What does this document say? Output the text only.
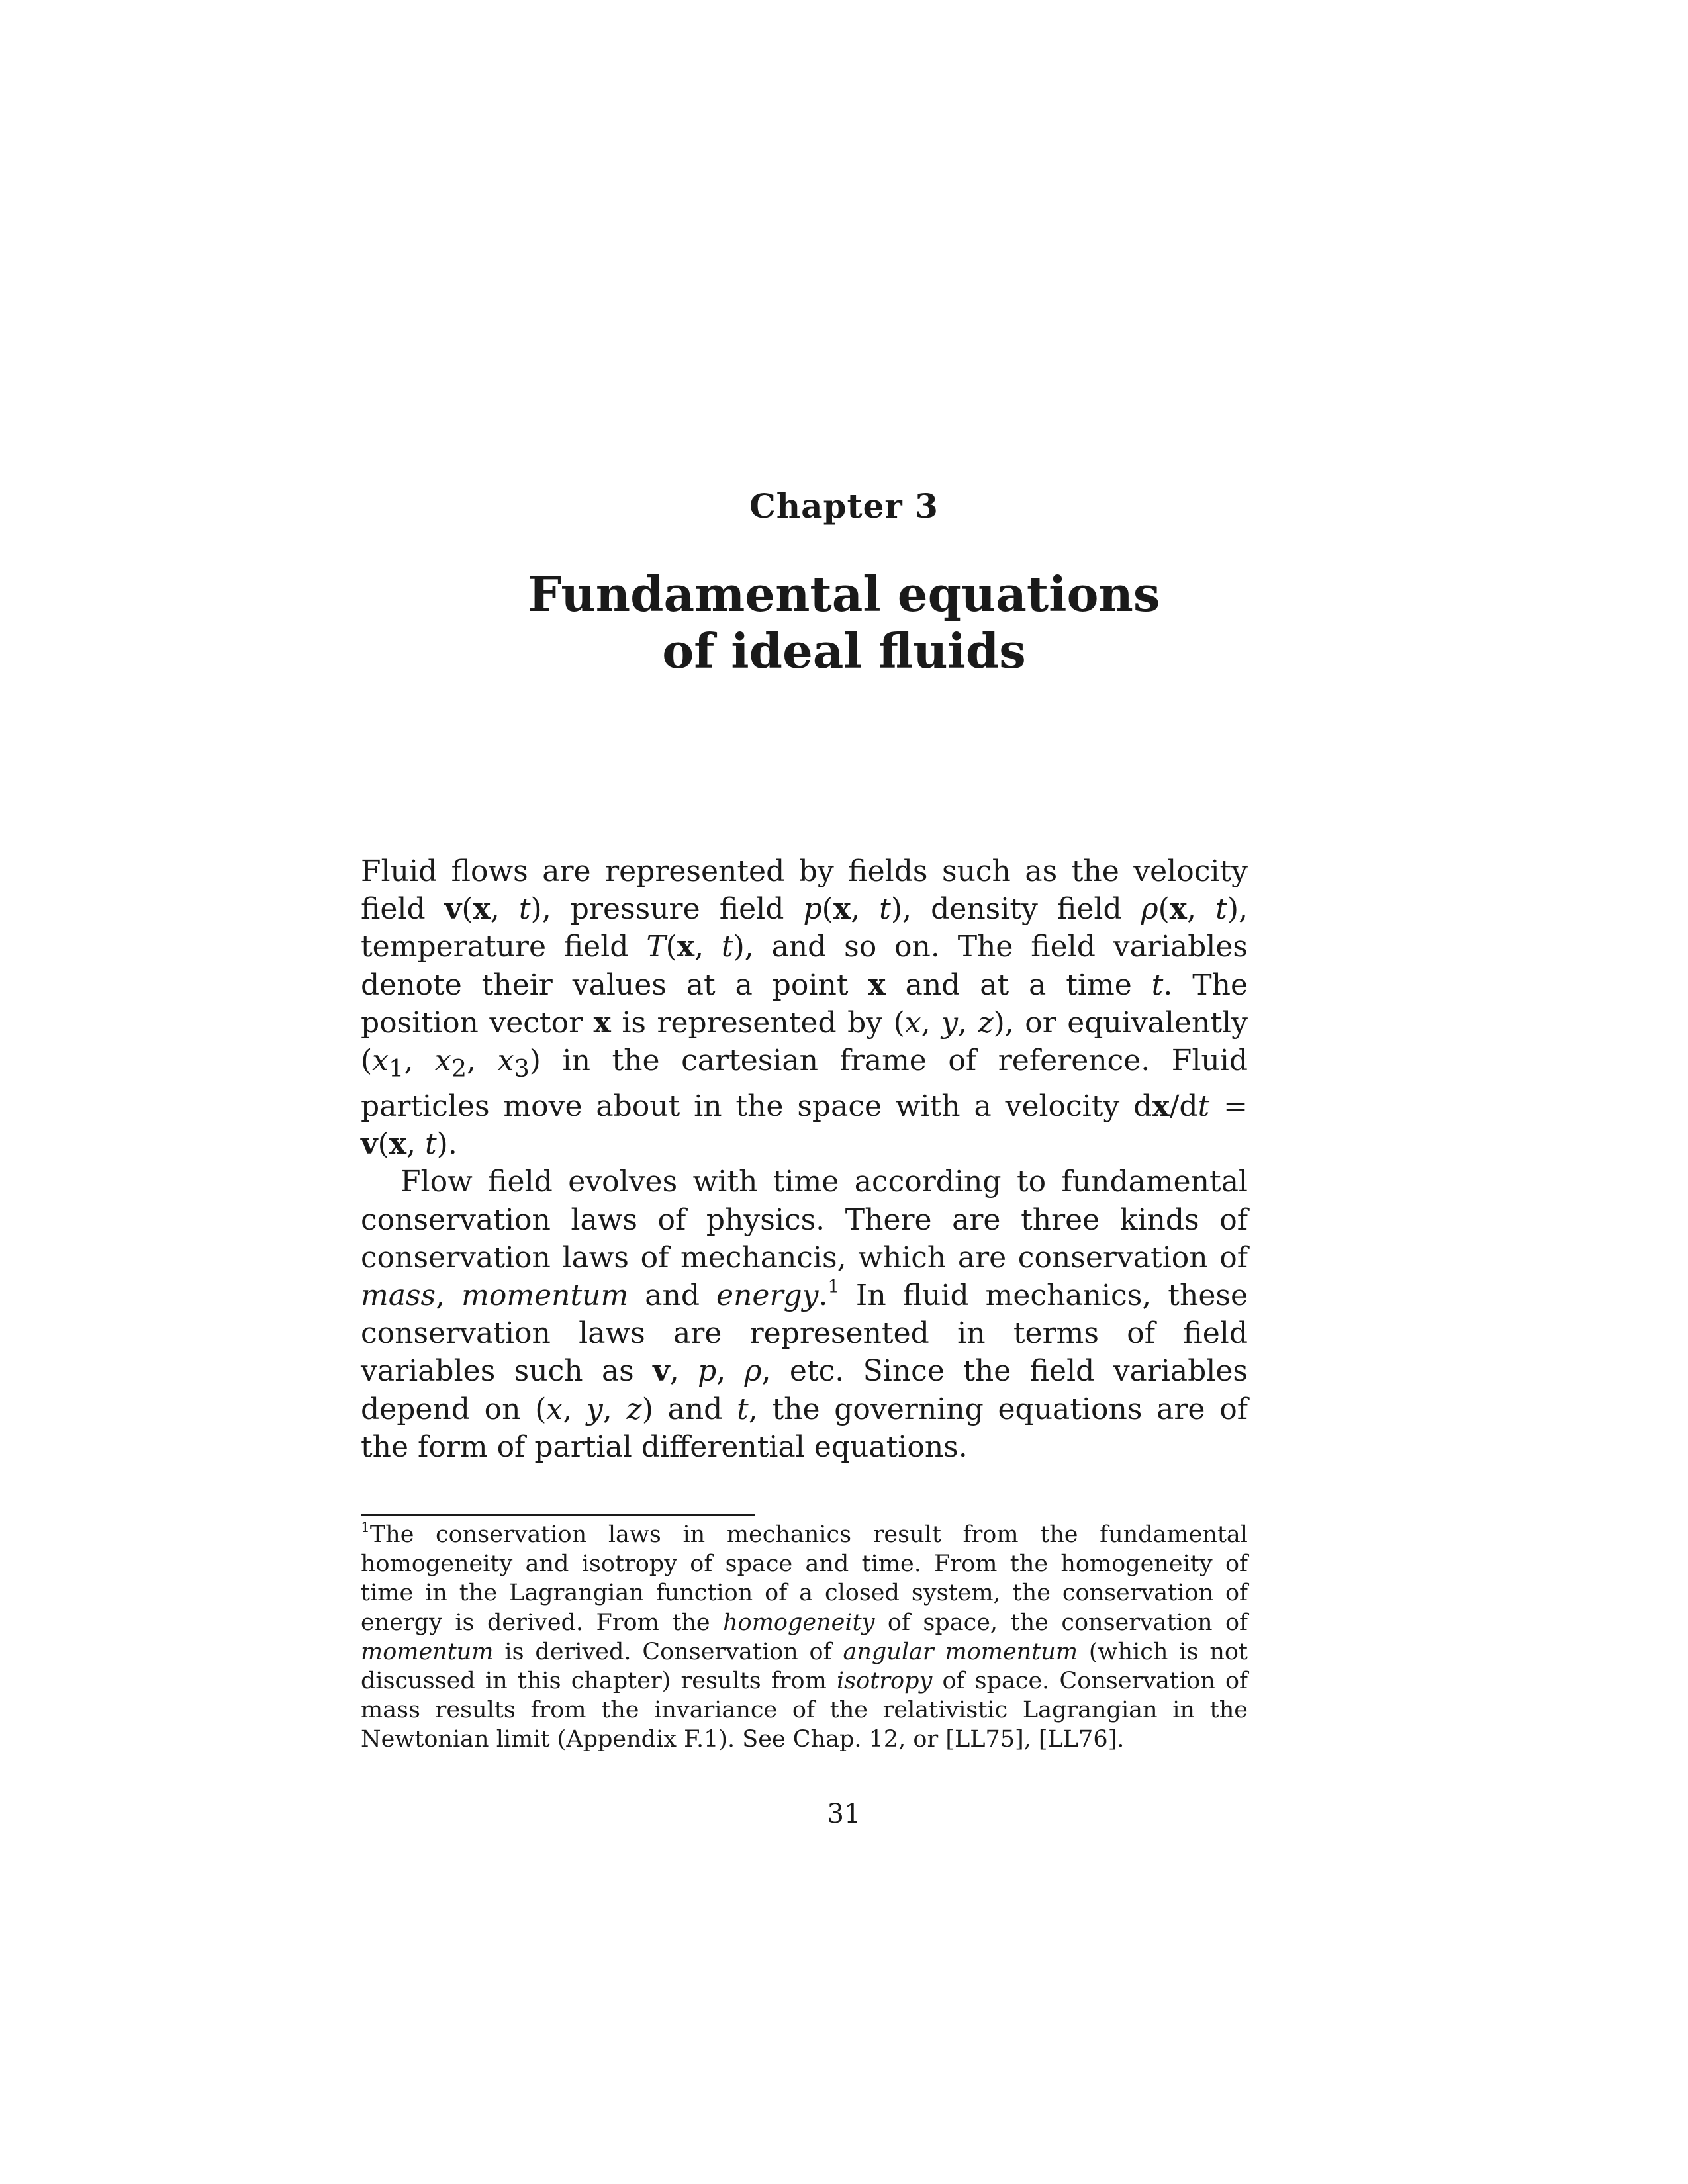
Chapter 3
Fundamental equations
of ideal fluids

Fluid flows are represented by fields such as the velocity field v(x, t), pressure field p(x, t), density field ρ(x, t), temperature field T(x, t), and so on. The field variables denote their values at a point x and at a time t. The position vector x is represented by (x, y, z), or equivalently ($x_1$, $x_2$, $x_3$) in the cartesian frame of reference. Fluid particles move about in the space with a velocity dx/dt = v(x, t).

Flow field evolves with time according to fundamental conservation laws of physics. There are three kinds of conservation laws of mechancis, which are conservation of mass, momentum and energy.$^1$ In fluid mechanics, these conservation laws are represented in terms of field variables such as v, p, ρ, etc. Since the field variables depend on (x, y, z) and t, the governing equations are of the form of partial differential equations.

$^1$The conservation laws in mechanics result from the fundamental homogeneity and isotropy of space and time. From the homogeneity of time in the Lagrangian function of a closed system, the conservation of energy is derived. From the homogeneity of space, the conservation of momentum is derived. Conservation of angular momentum (which is not discussed in this chapter) results from isotropy of space. Conservation of mass results from the invariance of the relativistic Lagrangian in the Newtonian limit (Appendix F.1). See Chap. 12, or [LL75], [LL76].
31
